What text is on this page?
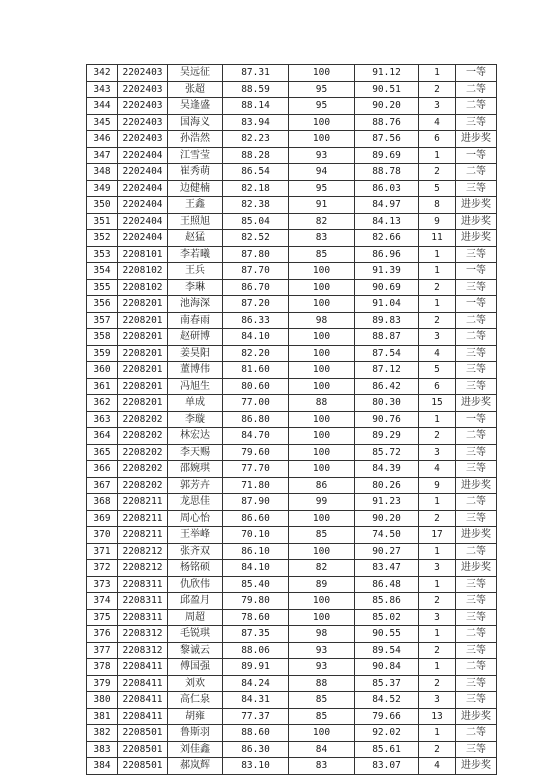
342	2202403	吴远征	87.31	100	91.12	1	一等
343	2202403	张超	88.59	95	90.51	2	二等
344	2202403	吴逢盛	88.14	95	90.20	3	二等
345	2202403	国海义	83.94	100	88.76	4	三等
346	2202403	孙浩然	82.23	100	87.56	6	进步奖
347	2202404	江雪莹	88.28	93	89.69	1	一等
348	2202404	崔秀萌	86.54	94	88.78	2	二等
349	2202404	边健楠	82.18	95	86.03	5	三等
350	2202404	王鑫	82.38	91	84.97	8	进步奖
351	2202404	王照旭	85.04	82	84.13	9	进步奖
352	2202404	赵猛	82.52	83	82.66	11	进步奖
353	2208101	李若曦	87.80	85	86.96	1	三等
354	2208102	王兵	87.70	100	91.39	1	一等
355	2208102	李琳	86.70	100	90.69	2	三等
356	2208201	池海深	87.20	100	91.04	1	一等
357	2208201	南春雨	86.33	98	89.83	2	二等
358	2208201	赵研博	84.10	100	88.87	3	二等
359	2208201	姜昊阳	82.20	100	87.54	4	三等
360	2208201	董博伟	81.60	100	87.12	5	三等
361	2208201	冯旭生	80.60	100	86.42	6	三等
362	2208201	单成	77.00	88	80.30	15	进步奖
363	2208202	李璇	86.80	100	90.76	1	一等
364	2208202	林宏达	84.70	100	89.29	2	二等
365	2208202	李天赐	79.60	100	85.72	3	三等
366	2208202	邵婉琪	77.70	100	84.39	4	三等
367	2208202	郭芳卉	71.80	86	80.26	9	进步奖
368	2208211	龙思佳	87.90	99	91.23	1	二等
369	2208211	周心怡	86.60	100	90.20	2	三等
370	2208211	王举峰	70.10	85	74.50	17	进步奖
371	2208212	张齐双	86.10	100	90.27	1	二等
372	2208212	杨铭硕	84.10	82	83.47	3	进步奖
373	2208311	仇欣伟	85.40	89	86.48	1	三等
374	2208311	邱盈月	79.80	100	85.86	2	三等
375	2208311	周超	78.60	100	85.02	3	三等
376	2208312	毛锐琪	87.35	98	90.55	1	二等
377	2208312	黎诚云	88.06	93	89.54	2	三等
378	2208411	傅国强	89.91	93	90.84	1	二等
379	2208411	刘欢	84.24	88	85.37	2	三等
380	2208411	高仁泉	84.31	85	84.52	3	三等
381	2208411	胡雍	77.37	85	79.66	13	进步奖
382	2208501	鲁斯羽	88.60	100	92.02	1	二等
383	2208501	刘佳鑫	86.30	84	85.61	2	三等
384	2208501	郝岚辉	83.10	83	83.07	4	进步奖
